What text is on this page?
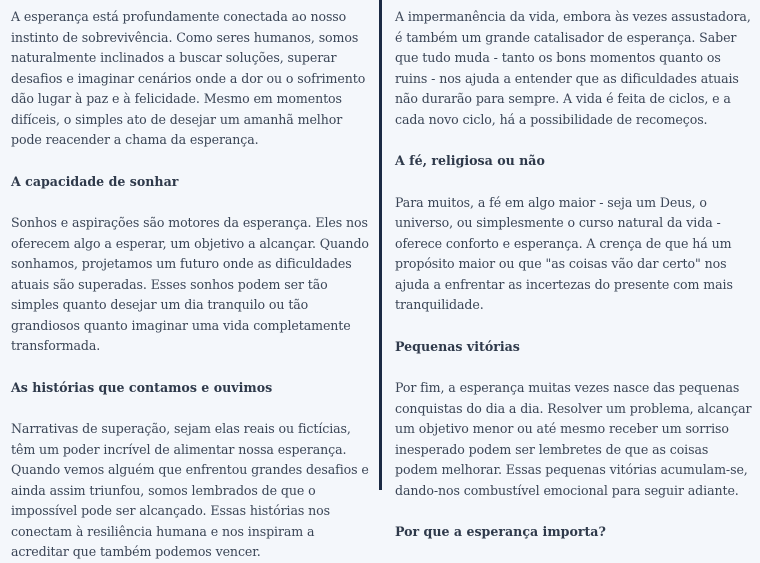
A esperança está profundamente conectada ao nosso instinto de sobrevivência. Como seres humanos, somos naturalmente inclinados a buscar soluções, superar desafios e imaginar cenários onde a dor ou o sofrimento dão lugar à paz e à felicidade. Mesmo em momentos difíceis, o simples ato de desejar um amanhã melhor pode reacender a chama da esperança.

A capacidade de sonhar

Sonhos e aspirações são motores da esperança. Eles nos oferecem algo a esperar, um objetivo a alcançar. Quando sonhamos, projetamos um futuro onde as dificuldades atuais são superadas. Esses sonhos podem ser tão simples quanto desejar um dia tranquilo ou tão grandiosos quanto imaginar uma vida completamente transformada.

As histórias que contamos e ouvimos

Narrativas de superação, sejam elas reais ou fictícias, têm um poder incrível de alimentar nossa esperança. Quando vemos alguém que enfrentou grandes desafios e ainda assim triunfou, somos lembrados de que o impossível pode ser alcançado. Essas histórias nos conectam à resiliência humana e nos inspiram a acreditar que também podemos vencer.

A impermanência da vida, embora às vezes assustadora, é também um grande catalisador de esperança. Saber que tudo muda - tanto os bons momentos quanto os ruins - nos ajuda a entender que as dificuldades atuais não durarão para sempre. A vida é feita de ciclos, e a cada novo ciclo, há a possibilidade de recomeços.

A fé, religiosa ou não

Para muitos, a fé em algo maior - seja um Deus, o universo, ou simplesmente o curso natural da vida - oferece conforto e esperança. A crença de que há um propósito maior ou que "as coisas vão dar certo" nos ajuda a enfrentar as incertezas do presente com mais tranquilidade.

Pequenas vitórias

Por fim, a esperança muitas vezes nasce das pequenas conquistas do dia a dia. Resolver um problema, alcançar um objetivo menor ou até mesmo receber um sorriso inesperado podem ser lembretes de que as coisas podem melhorar. Essas pequenas vitórias acumulam-se, dando-nos combustível emocional para seguir adiante.

Por que a esperança importa?
